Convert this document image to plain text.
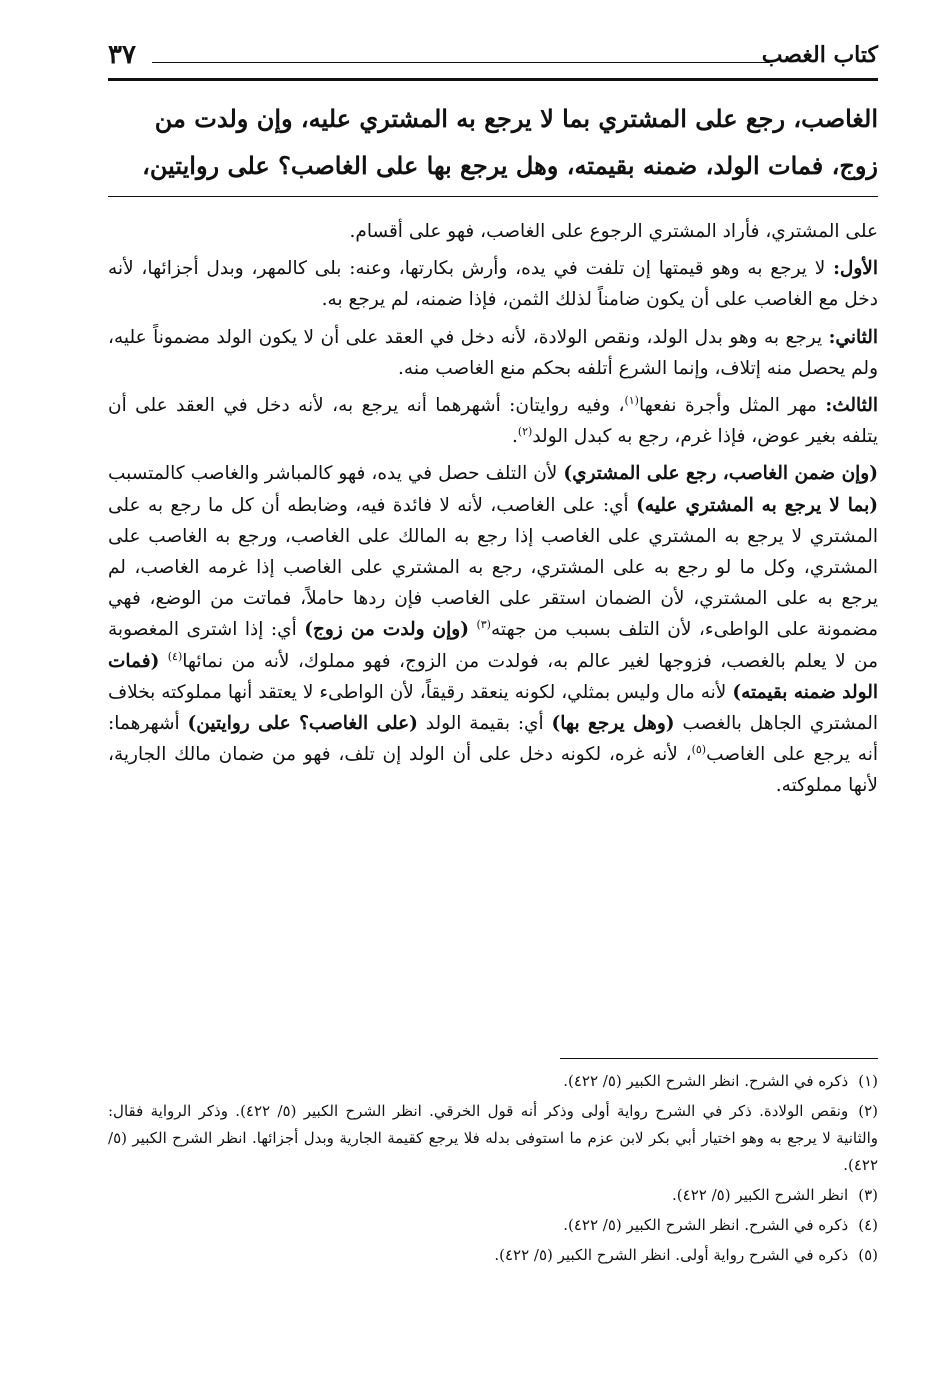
٣٧	كتاب الغصب
الغاصب، رجع على المشتري بما لا يرجع به المشتري عليه، وإن ولدت من
زوج، فمات الولد، ضمنه بقيمته، وهل يرجع بها على الغاصب؟ على روايتين،

على المشتري، فأراد المشتري الرجوع على الغاصب، فهو على أقسام.

الأول: لا يرجع به وهو قيمتها إن تلفت في يده، وأرش بكارتها، وعنه: بلى كالمهر، وبدل أجزائها، لأنه دخل مع الغاصب على أن يكون ضامناً لذلك الثمن، فإذا ضمنه، لم يرجع به.

الثاني: يرجع به وهو بدل الولد، ونقص الولادة، لأنه دخل في العقد على أن لا يكون الولد مضموناً عليه، ولم يحصل منه إتلاف، وإنما الشرع أتلفه بحكم منع الغاصب منه.

الثالث: مهر المثل وأجرة نفعها$^{(١)}$، وفيه روايتان: أشهرهما أنه يرجع به، لأنه دخل في العقد على أن يتلفه بغير عوض، فإذا غرم، رجع به كبدل الولد$^{(٢)}$.

(وإن ضمن الغاصب، رجع على المشتري) لأن التلف حصل في يده، فهو كالمباشر والغاصب كالمتسبب (بما لا يرجع به المشتري عليه) أي: على الغاصب، لأنه لا فائدة فيه، وضابطه أن كل ما رجع به على المشتري لا يرجع به المشتري على الغاصب إذا رجع به المالك على الغاصب، ورجع به الغاصب على المشتري، وكل ما لو رجع به على المشتري، رجع به المشتري على الغاصب إذا غرمه الغاصب، لم يرجع به على المشتري، لأن الضمان استقر على الغاصب فإن ردها حاملاً، فماتت من الوضع، فهي مضمونة على الواطىء، لأن التلف بسبب من جهته$^{(٣)}$ (وإن ولدت من زوج) أي: إذا اشترى المغصوبة من لا يعلم بالغصب، فزوجها لغير عالم به، فولدت من الزوج، فهو مملوك، لأنه من نمائها$^{(٤)}$ (فمات الولد ضمنه بقيمته) لأنه مال وليس بمثلي، لكونه ينعقد رقيقاً، لأن الواطىء لا يعتقد أنها مملوكته بخلاف المشتري الجاهل بالغصب (وهل يرجع بها) أي: بقيمة الولد (على الغاصب؟ على روايتين) أشهرهما: أنه يرجع على الغاصب$^{(٥)}$، لأنه غره، لكونه دخل على أن الولد إن تلف، فهو من ضمان مالك الجارية، لأنها مملوكته.

(١)ذكره في الشرح. انظر الشرح الكبير (٥/ ٤٢٢).

(٢)ونقص الولادة. ذكر في الشرح رواية أولى وذكر أنه قول الخرقي. انظر الشرح الكبير (٥/ ٤٢٢). وذكر الرواية فقال: والثانية لا يرجع به وهو اختيار أبي بكر لابن عزم ما استوفى بدله فلا يرجع كقيمة الجارية وبدل أجزائها. انظر الشرح الكبير (٥/ ٤٢٢).

(٣)انظر الشرح الكبير (٥/ ٤٢٢).

(٤)ذكره في الشرح. انظر الشرح الكبير (٥/ ٤٢٢).

(٥)ذكره في الشرح رواية أولى. انظر الشرح الكبير (٥/ ٤٢٢).
